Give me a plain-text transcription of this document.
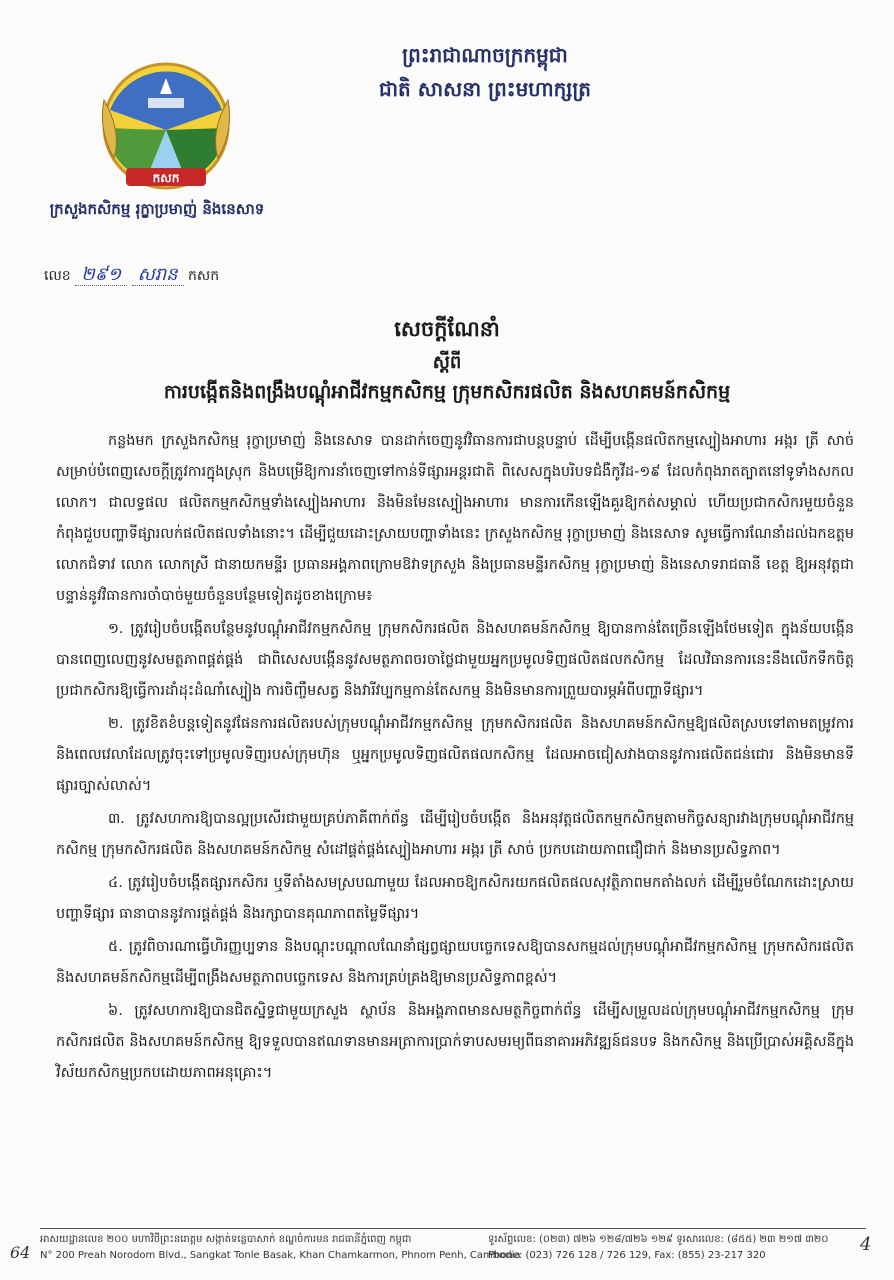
កសក
ក្រសួងកសិកម្ម រុក្ខាប្រមាញ់ និងនេសាទ
ព្រះរាជាណាចក្រកម្ពុជា
ជាតិ សាសនា ព្រះមហាក្សត្រ
លេខ ២៩១ សរាន កសក
សេចក្តីណែនាំ
ស្តីពី
ការបង្កើតនិងពង្រឹងបណ្តុំអាជីវកម្មកសិកម្ម ក្រុមកសិករផលិត និងសហគមន៍កសិកម្ម

កន្លងមក ក្រសួងកសិកម្ម រុក្ខាប្រមាញ់ និងនេសាទ បានដាក់ចេញនូវវិធានការជាបន្តបន្ទាប់ ដើម្បីបង្កើនផលិតកម្មស្បៀងអាហារ អង្ករ ត្រី សាច់សម្រាប់បំពេញសេចក្តីត្រូវការក្នុងស្រុក និងបម្រើឱ្យការនាំចេញទៅកាន់ទីផ្សារអន្តរជាតិ ពិសេសក្នុងបរិបទជំងឺកូវីដ-១៩ ដែលកំពុងរាតត្បាតនៅទូទាំងសកលលោក។ ជាលទ្ធផល ផលិតកម្មកសិកម្មទាំងស្បៀងអាហារ និងមិនមែនស្បៀងអាហារ មានការកើនឡើងគួរឱ្យកត់សម្គាល់ ហើយប្រជាកសិករមួយចំនួនកំពុងជួបបញ្ហាទីផ្សារលក់ផលិតផលទាំងនោះ។ ដើម្បីជួយដោះស្រាយបញ្ហាទាំងនេះ ក្រសួងកសិកម្ម រុក្ខាប្រមាញ់ និងនេសាទ សូមធ្វើការណែនាំដល់ឯកឧត្តម លោកជំទាវ លោក លោកស្រី ជានាយកមន្ទីរ ប្រធានអង្គភាពក្រោមឱវាទក្រសួង និងប្រធានមន្ទីរកសិកម្ម រុក្ខាប្រមាញ់ និងនេសាទរាជធានី ខេត្ត ឱ្យអនុវត្តជាបន្ទាន់នូវវិធានការចាំបាច់មួយចំនួនបន្ថែមទៀតដូចខាងក្រោម៖

១. ត្រូវរៀបចំបង្កើតបន្ថែមនូវបណ្តុំអាជីវកម្មកសិកម្ម ក្រុមកសិករផលិត និងសហគមន៍កសិកម្ម ឱ្យបានកាន់តែច្រើនឡើងថែមទៀត ក្នុងន័យបង្កើនបានពេញលេញនូវសមត្ថភាពផ្គត់ផ្គង់ ជាពិសេសបង្កើននូវសមត្ថភាពចរចាថ្លៃជាមួយអ្នកប្រមូលទិញផលិតផលកសិកម្ម ដែលវិធានការនេះនឹងលើកទឹកចិត្តប្រជាកសិករឱ្យធ្វើការដាំដុះដំណាំស្បៀង ការចិញ្ចឹមសត្វ និងវារីវប្បកម្មកាន់តែសកម្ម និងមិនមានការព្រួយបារម្ភអំពីបញ្ហាទីផ្សារ។

២. ត្រូវខិតខំបន្តទៀតនូវផែនការផលិតរបស់ក្រុមបណ្តុំអាជីវកម្មកសិកម្ម ក្រុមកសិករផលិត និងសហគមន៍កសិកម្មឱ្យផលិតស្របទៅតាមតម្រូវការ និងពេលវេលាដែលត្រូវចុះទៅប្រមូលទិញរបស់ក្រុមហ៊ុន ឬអ្នកប្រមូលទិញផលិតផលកសិកម្ម ដែលអាចជៀសវាងបាននូវការផលិតជន់ជោរ និងមិនមានទីផ្សារច្បាស់លាស់។

៣. ត្រូវសហការឱ្យបានល្អប្រសើរជាមួយគ្រប់ភាគីពាក់ព័ន្ធ ដើម្បីរៀបចំបង្កើត និងអនុវត្តផលិតកម្មកសិកម្មតាមកិច្ចសន្យារវាងក្រុមបណ្តុំអាជីវកម្មកសិកម្ម ក្រុមកសិករផលិត និងសហគមន៍កសិកម្ម សំដៅផ្គត់ផ្គង់ស្បៀងអាហារ អង្ករ ត្រី សាច់ ប្រកបដោយភាពជឿជាក់ និងមានប្រសិទ្ធភាព។

៤. ត្រូវរៀបចំបង្កើតផ្សារកសិករ ឬទីតាំងសមស្របណាមួយ ដែលអាចឱ្យកសិករយកផលិតផលសុវត្ថិភាពមកតាំងលក់ ដើម្បីរួមចំណែកដោះស្រាយបញ្ហាទីផ្សារ ធានាបាននូវការផ្គត់ផ្គង់ និងរក្សាបានគុណភាពតម្លៃទីផ្សារ។

៥. ត្រូវពិចារណាធ្វើហិរញ្ញប្បទាន និងបណ្តុះបណ្តាលណែនាំផ្សព្វផ្សាយបច្ចេកទេសឱ្យបានសកម្មដល់ក្រុមបណ្តុំអាជីវកម្មកសិកម្ម ក្រុមកសិករផលិត និងសហគមន៍កសិកម្មដើម្បីពង្រឹងសមត្ថភាពបច្ចេកទេស និងការគ្រប់គ្រងឱ្យមានប្រសិទ្ធភាពខ្ពស់។

៦. ត្រូវសហការឱ្យបានជិតស្និទ្ធជាមួយក្រសួង ស្ថាប័ន និងអង្គភាពមានសមត្ថកិច្ចពាក់ព័ន្ធ ដើម្បីសម្រួលដល់ក្រុមបណ្តុំអាជីវកម្មកសិកម្ម ក្រុមកសិករផលិត និងសហគមន៍កសិកម្ម ឱ្យទទួលបានឥណទានមានអត្រាការប្រាក់ទាបសមរម្យពីធនាគារអភិវឌ្ឍន៍ជនបទ និងកសិកម្ម និងប្រើប្រាស់អគ្គិសនីក្នុងវិស័យកសិកម្មប្រកបដោយភាពអនុគ្រោះ។

អាសយដ្ឋានលេខ ២០០ មហាវិថីព្រះនរោត្តម សង្កាត់ទន្លេបាសាក់ ខណ្ឌចំការមន រាជធានីភ្នំពេញ កម្ពុជា
N° 200 Preah Norodom Blvd., Sangkat Tonle Basak, Khan Chamkarmon, Phnom Penh, Cambodia
ទូរស័ព្ទលេខ: (០២៣) ៧២៦ ១២៨/៧២៦ ១២៩ ទូរសារលេខ: (៨៥៥) ២៣ ២១៧ ៣២០
Phone: (023) 726 128 / 726 129, Fax: (855) 23-217 320
64	4
